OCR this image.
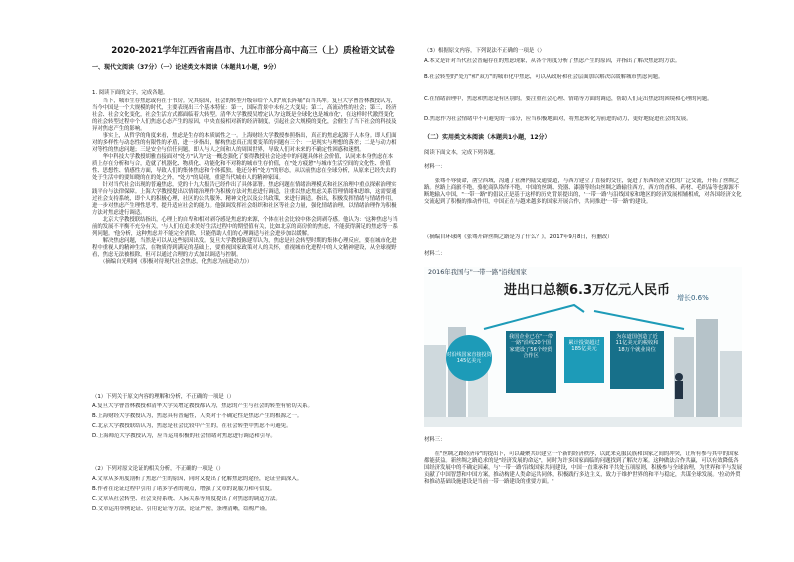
2020-2021学年江西省南昌市、九江市部分高中高三（上）质检语文试卷
一、现代文阅读（37分）（一）论述类文本阅读（本题共1小题，9分）
1. 阅读下面的文字，完成各题。
　　当下，城市生存焦虑或有在于书房。究其原因，社会的转型升级带给个人的"成长阵痛"首当其冲。复旦大学曹晋林教授认为，当今中国是一个大规模的时代，主要表现出三个基本特征：第一，国际背景中未有之大变局；第二，高流动性的社会；第三，经济社会、社会文化变化，社会生活方式都面临着大转型。清华大学教授吴增定认为'这既是全球化也是城市化'，在这样时代激烈变化的社会转型过程中个人们焦虑心态产生的原因，中央直接相对新的经济制度，引起社会大规模的变化，会催生了当下社会的科技及异对焦虑产生的影响。
　　事实上，从哲学的角度来看，焦虑是生存的本质属性之一。上海财经大学教授参照指出，真正的焦虑起源于人本身。即人们面对的多样性与动态性的有限性的矛盾，进一步指出，解构焦虑真正需要变革的问题有三个：一是现实与理想的落差；二是与动力相对等性的焦虑问题；三是安全与信任问题，即人与人之间和人的周围世界，导致人们对未来的不确定性困惑和迷惘。
　　华中科技大学教授胡雅直接面对"处方"认为"这一概念强化了要得教授社会论述中的问题具体社会价值，认同来本身焦虑在本质上存在分析和与合，造就了机器化、物质化、功能化和不对称的城市生存价值，在"处方疲惫"与城市生活空间的文化性、价值性、思想性、情感性方面，导致人们的集体焦虑和个体孤独。他还分析"处方"的形态，从以前焦虑在全球分析，从原来已经失去的处于生活中的要知晓的在的处之外，"处方"的局现，重建当代城市人的精神家园。
　　针对当代社会出现的普遍焦虑，党的十九大报告已经作出了具体部署。焦虑问题在情绪治理模式和社区治理中重点探索治理实践平台与法律保障。上海大学教授提出以情绪治理作为积极方法对焦虑进行调适，注重以焦虑焦虑关系管理情绪和思维，这需要通过社会支持系统，即个人的积极心理，社区的公共服务、精神文化以及公共政策，来进行调适。指出，积极发挥情绪与情绪作用，进一步对焦虑产生理性思考，提升适应社会的能力。他强调发挥社会组织和社区等社会力量，强化情绪治理，以情绪治理作为积极方法对焦虑进行调适。
　　北京大学教授联结指出，心理上的自卑和相对剥夺感是焦虑的来源，个体在社会比较中体会到剥夺感。他认为：'这种焦虑与当前的发展不平衡不充分有关，'与人们在追求美好生活过程中的期望值有关，比如北京的高房价的焦虑，不能获得满足的焦虑等一系列问题。'他分析，这种焦虑并不能完全消除，只能借助人们的心理调适与社会进步加以缓解。
　　解决焦虑问题，当然是可以从这些原因出发。复旦大学教授陈建军认为，焦虑是社会转型时期的集体心理反应，要在城市化进程中重视人的精神生活，在物质得到满足的基础上，要重视国家政策对人的关怀，重视城市化进程中的人文精神建设，从全球视野看，焦虑无法被根除，但可以通过合理的方式加以调适与控制。
　　（摘编自光明网《积极对待现代社会焦虑，化焦虑为前进动力》）
（1）下列关于原文内容的理解和分析，不正确的一项是（）
A.复旦大学曹晋林教授和清华大学吴增定教授都认为，焦虑的产生与社会的转型有密切关系。
B.上海财经大学教授认为，焦虑具有普遍性，人类对于不确定性是焦虑产生的根源之一。
C.北京大学教授联结认为，焦虑是社会比较中产生的，在社会转型中焦虑不可避免。
D.上海师范大学教授认为，应当运用积极的社会情绪对焦虑进行调适和引导。
（2）下列对原文论证的相关分析，不正确的一项是（）
A.文章从多角度剖析了焦虑产生的原因，同时又提出了化解焦虑的途径，论证全面深入。
B.作者在论证过程中引用了诸多学者的观点，增强了文章的说服力和可信度。
C.文章从社会转型、社会支持系统、人际关系等角度提出了对焦虑的调适方法。
D.文章运用举例论证、引用论证等方法，论证严密，条理清晰，结构严谨。
（3）根据原文内容，下列说法不正确的一项是（）
A.本文是针对当代社会普遍存在的焦虑现象，从各个角度分析了焦虑产生的原因，并指出了解决焦虑的方法。
B.社会转型的"处方"和"双方"的城市化中焦虑，可以从政府和社会层面加以解决以缓解城市焦虑问题。
C.在情绪治理中，焦虑和焦虑是有区别的，要注重社会心理、情绪等方面的调适，帮助人们走出焦虑的困境和心理的问题。
D.焦虑作为社会情绪中不可避免的一部分，应当积极地面对，将焦虑转化为前进的动力，更好地促进社会的发展。
（二）实用类文本阅读（本题共1小题，12分）
阅读下面文本，完成下列各题。
材料一：
　　张骞不辱使命，凿空西域，沟通了亚洲内陆交通要道，与西方建立了直接的交往，促进了东西经济文化的广泛交流，开拓了丝绸之路。丝路上商旅不绝，骆驼商队络绎不绝，中国的丝绸、瓷器、漆器等经由丝绸之路输往西方，西方的香料、药材、毛织品等也源源不断地输入中国，"一带一路"的倡议正是基于这样的历史背景提出的，'一带一路'与沿线国家和地区的经济发展相辅相成，对各国经济文化交流起到了积极的推动作用，中国正在与越来越多的国家开展合作，共同推进'一带一路'的建设。
（摘编自环球网《张骞开辟丝绸之路是为了什么？》，2017年9月8日，有删改）
材料二：
2016年我国与"一带一路"沿线国家
进出口总额6.3万亿元人民币 增长0.6%
对沿线国家直接投资145亿美元
我国企业已在"一带一路"沿线20个国家建设了56个经贸合作区
累计投资超过185亿美元
为东道国创造了近11亿美元的税收和18万个就业岗位
材料三：
　　在"丝绸之路经济带"的提出下，可以凝聚共识建立一个新的经济秩序，以此来克服民族和国家之间的冲突，让所有参与其中的国家都能获益。新丝绸之路追求的是"经济发展的命运"，同时为许多国家面临的问题找到了解决方案。这种做法合作共赢，可以有效降低各国经济发展中的不确定因素，与'一带一路'沿线国家共同建设，中国一直秉承和平共处五项原则，积极参与全球治理，为世界和平与发展贡献了中国智慧和中国方案，推动构建人类命运共同体，积极践行多边主义，致力于维护世界的和平与稳定，共谋全球发展。'拉动外贸和推动基础设施建设是当前一带一路建设的重要方面。'
